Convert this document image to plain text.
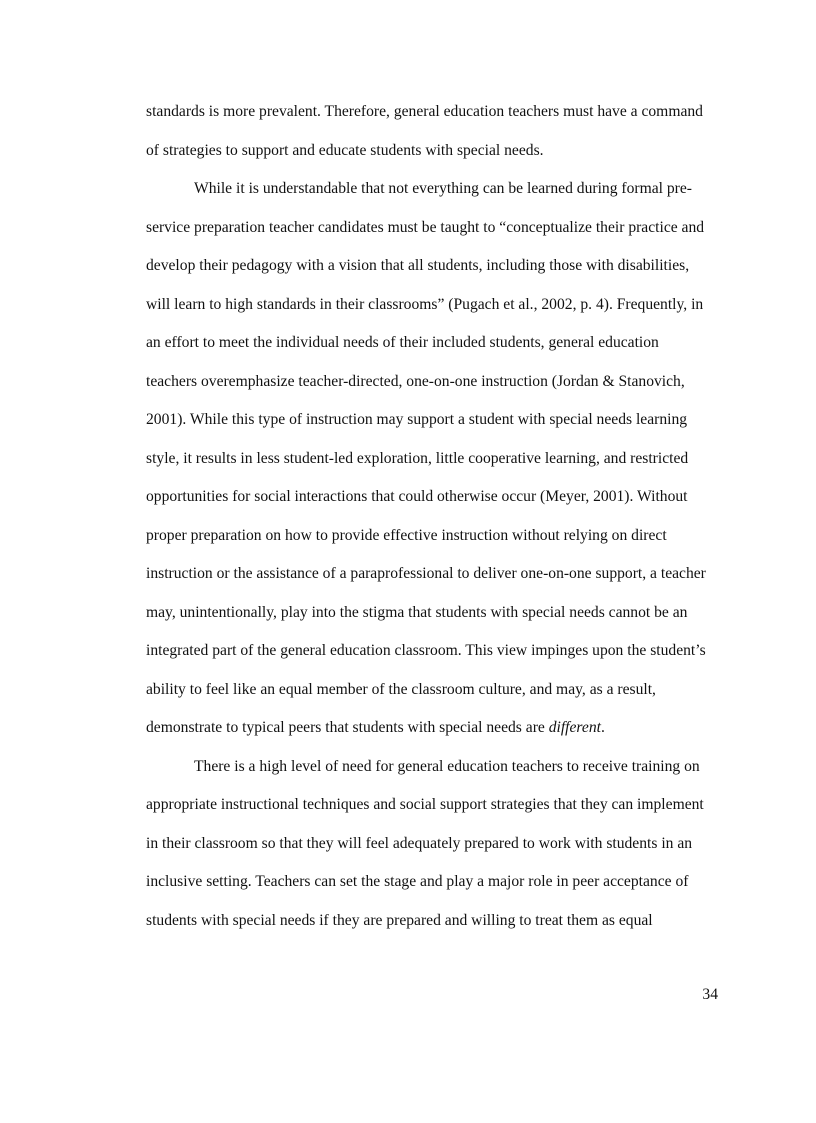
standards is more prevalent. Therefore, general education teachers must have a command
of strategies to support and educate students with special needs.
While it is understandable that not everything can be learned during formal pre-
service preparation teacher candidates must be taught to “conceptualize their practice and
develop their pedagogy with a vision that all students, including those with disabilities,
will learn to high standards in their classrooms” (Pugach et al., 2002, p. 4). Frequently, in
an effort to meet the individual needs of their included students, general education
teachers overemphasize teacher-directed, one-on-one instruction (Jordan & Stanovich,
2001). While this type of instruction may support a student with special needs learning
style, it results in less student-led exploration, little cooperative learning, and restricted
opportunities for social interactions that could otherwise occur (Meyer, 2001). Without
proper preparation on how to provide effective instruction without relying on direct
instruction or the assistance of a paraprofessional to deliver one-on-one support, a teacher
may, unintentionally, play into the stigma that students with special needs cannot be an
integrated part of the general education classroom. This view impinges upon the student’s
ability to feel like an equal member of the classroom culture, and may, as a result,
demonstrate to typical peers that students with special needs are different.
There is a high level of need for general education teachers to receive training on
appropriate instructional techniques and social support strategies that they can implement
in their classroom so that they will feel adequately prepared to work with students in an
inclusive setting. Teachers can set the stage and play a major role in peer acceptance of
students with special needs if they are prepared and willing to treat them as equal
34
